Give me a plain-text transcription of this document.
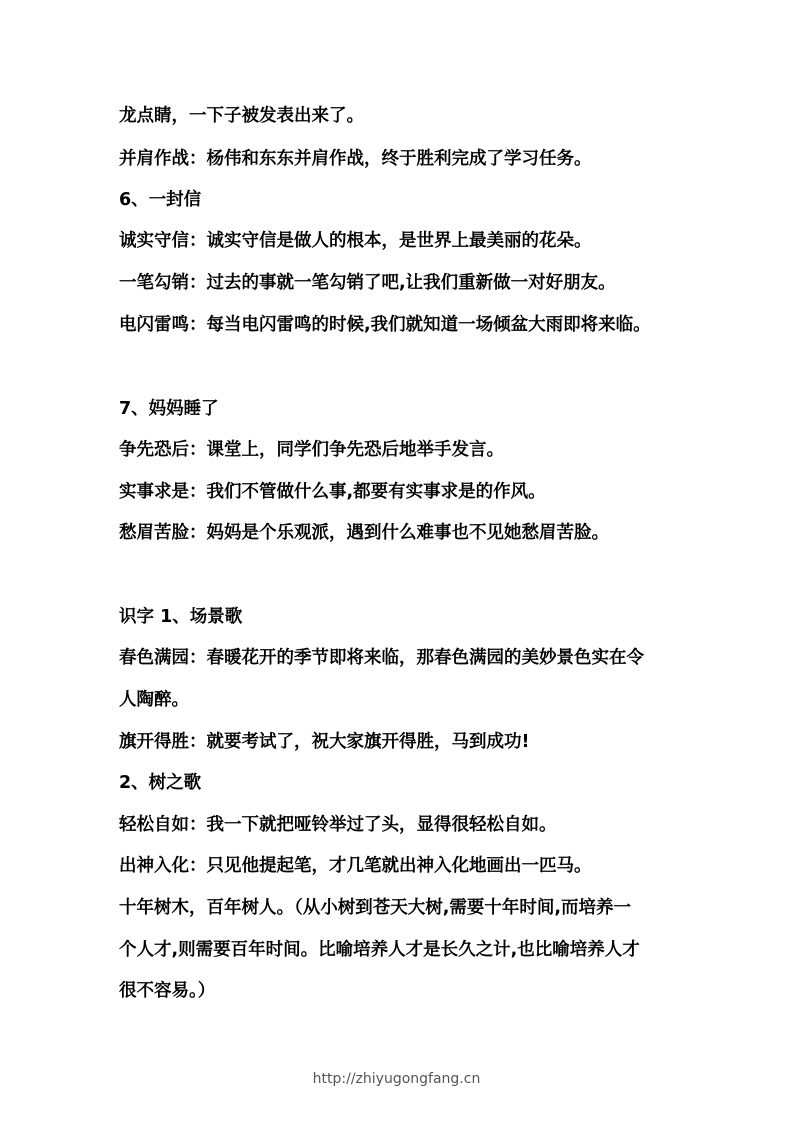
龙点睛，一下子被发表出来了。
并肩作战：杨伟和东东并肩作战，终于胜利完成了学习任务。
6、一封信
诚实守信：诚实守信是做人的根本，是世界上最美丽的花朵。
一笔勾销：过去的事就一笔勾销了吧,让我们重新做一对好朋友。
电闪雷鸣：每当电闪雷鸣的时候,我们就知道一场倾盆大雨即将来临。
7、妈妈睡了
争先恐后：课堂上，同学们争先恐后地举手发言。
实事求是：我们不管做什么事,都要有实事求是的作风。
愁眉苦脸：妈妈是个乐观派，遇到什么难事也不见她愁眉苦脸。
识字 1、场景歌
春色满园：春暖花开的季节即将来临，那春色满园的美妙景色实在令
人陶醉。
旗开得胜：就要考试了，祝大家旗开得胜，马到成功!
2、树之歌
轻松自如：我一下就把哑铃举过了头，显得很轻松自如。
出神入化：只见他提起笔，才几笔就出神入化地画出一匹马。
十年树木，百年树人。（从小树到苍天大树,需要十年时间,而培养一
个人才,则需要百年时间。比喻培养人才是长久之计,也比喻培养人才
很不容易。）
http://zhiyugongfang.cn
